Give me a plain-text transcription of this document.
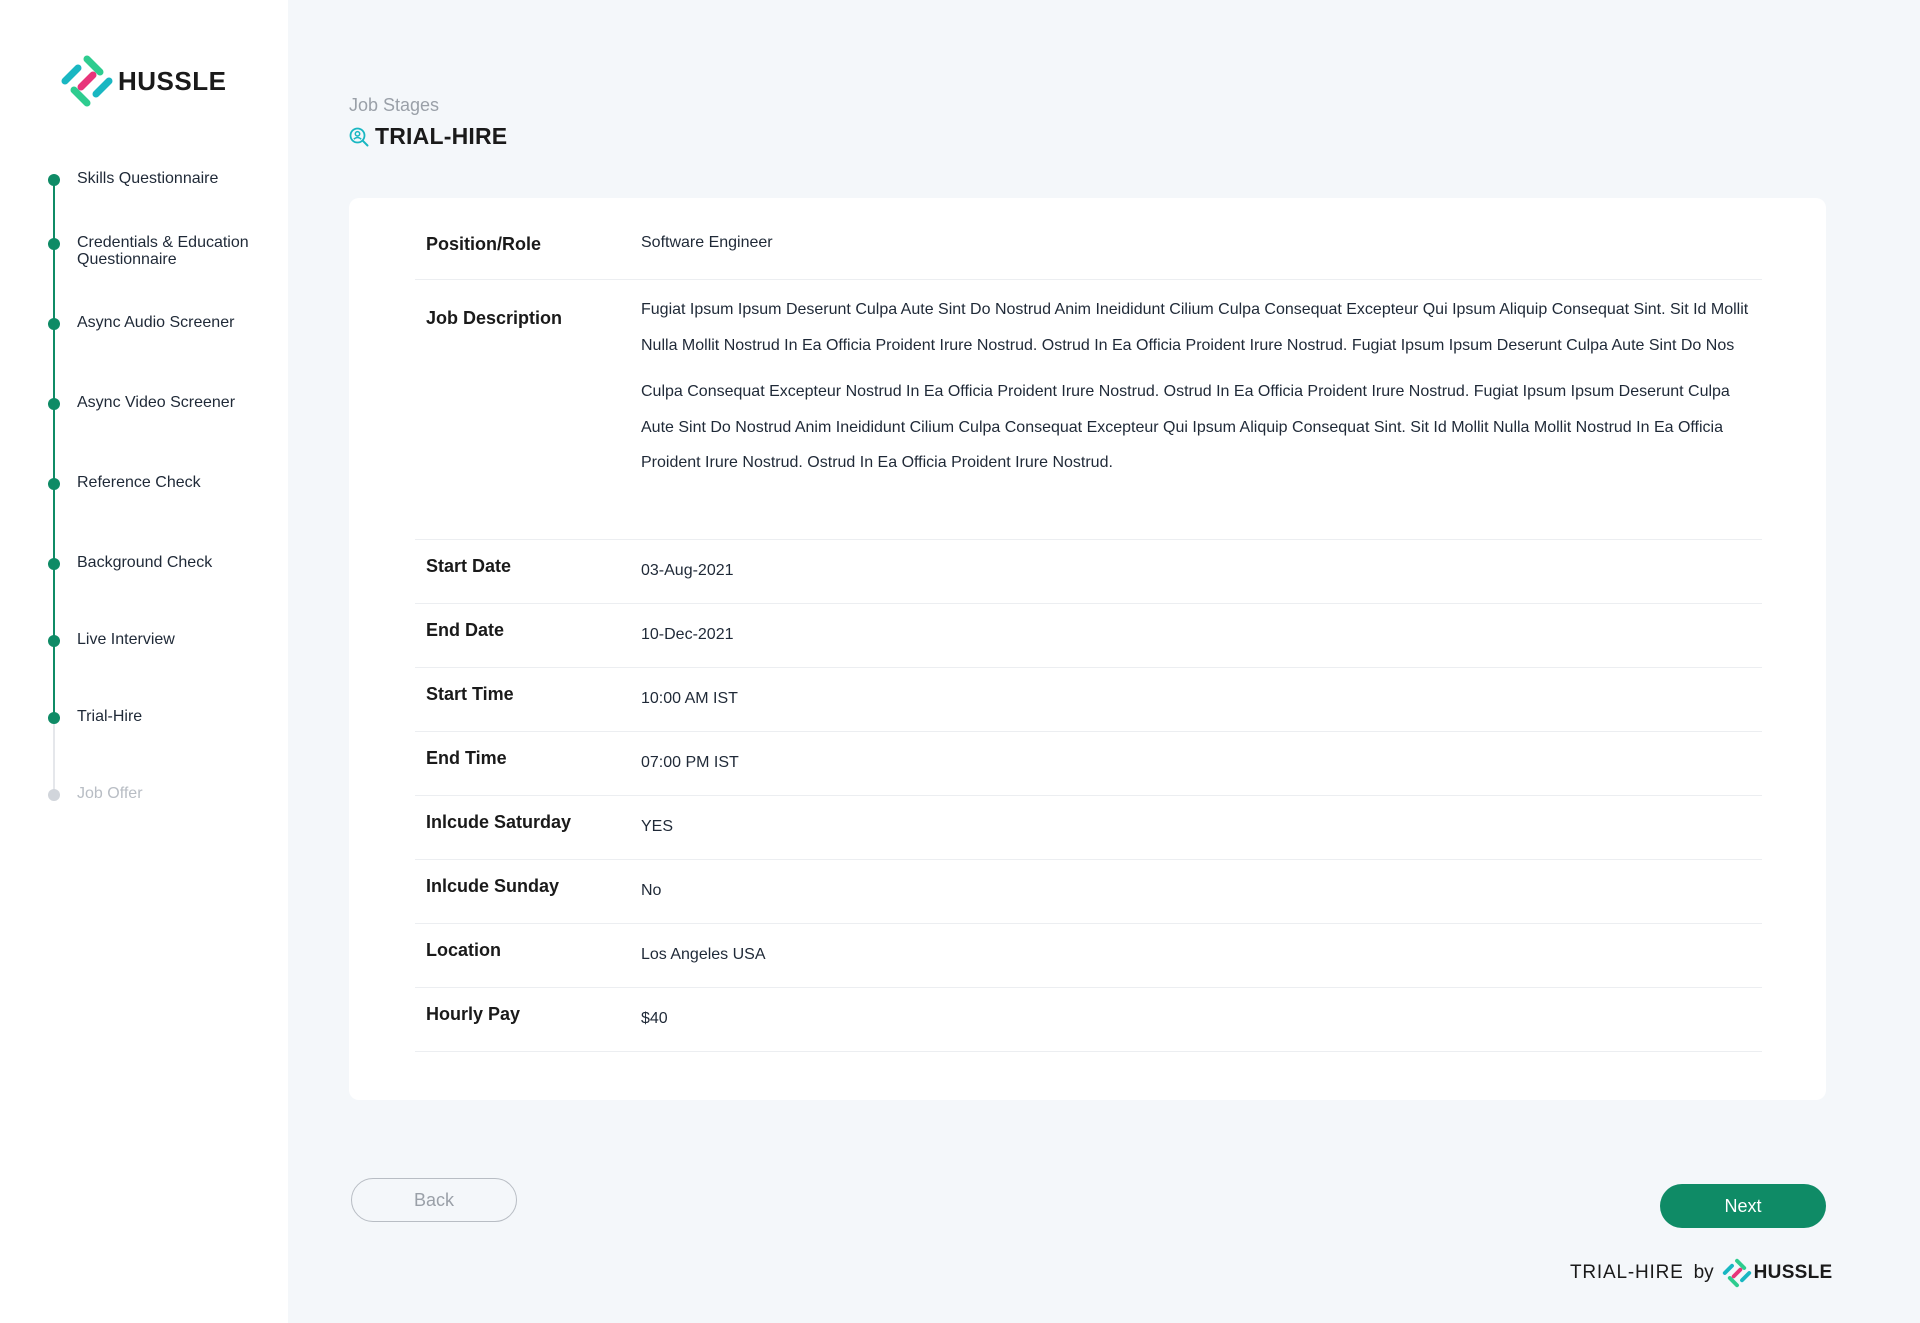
HUSSLE
Skills Questionnaire
Credentials & Education Questionnaire
Async Audio Screener
Async Video Screener
Reference Check
Background Check
Live Interview
Trial-Hire
Job Offer
Job Stages
TRIAL-HIRE
Position/Role	Software Engineer
Job Description	Fugiat Ipsum Ipsum Deserunt Culpa Aute Sint Do Nostrud Anim Ineididunt Cilium Culpa Consequat Excepteur Qui Ipsum Aliquip Consequat Sint. Sit Id Mollit Nulla Mollit Nostrud In Ea Officia Proident Irure Nostrud. Ostrud In Ea Officia Proident Irure Nostrud. Fugiat Ipsum Ipsum Deserunt Culpa Aute Sint Do Nos

Culpa Consequat Excepteur Nostrud In Ea Officia Proident Irure Nostrud. Ostrud In Ea Officia Proident Irure Nostrud. Fugiat Ipsum Ipsum Deserunt Culpa Aute Sint Do Nostrud Anim Ineididunt Cilium Culpa Consequat Excepteur Qui Ipsum Aliquip Consequat Sint. Sit Id Mollit Nulla Mollit Nostrud In Ea Officia Proident Irure Nostrud. Ostrud In Ea Officia Proident Irure Nostrud.

Start Date	03-Aug-2021
End Date	10-Dec-2021
Start Time	10:00 AM IST
End Time	07:00 PM IST
Inlcude Saturday	YES
Inlcude Sunday	No
Location	Los Angeles USA
Hourly Pay	$40
Back	Next
TRIAL-HIRE by HUSSLE
